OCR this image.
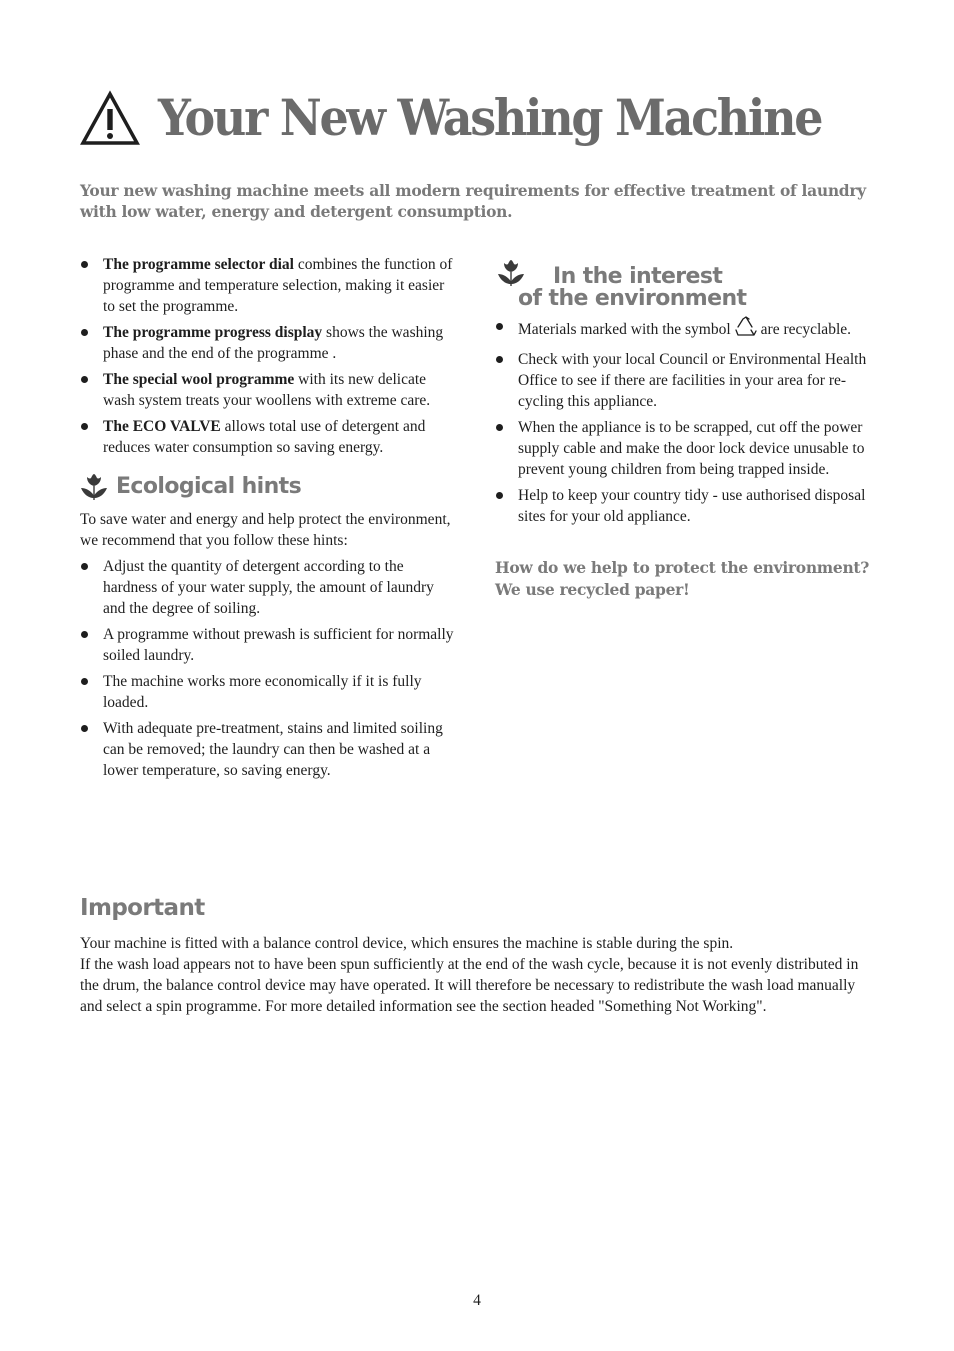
Your New Washing Machine
Your new washing machine meets all modern requirements for effective treatment of laundry with low water, energy and detergent consumption.
The programme selector dial combines the function of programme and temperature selection, making it easier to set the programme.
The programme progress display shows the washing phase and the end of the programme .
The special wool programme with its new delicate wash system treats your woollens with extreme care.
The ECO VALVE allows total use of detergent and reduces water consumption so saving energy.
Ecological hints
To save water and energy and help protect the environment, we recommend that you follow these hints:
Adjust the quantity of detergent according to the hardness of your water supply, the amount of laundry and the degree of soiling.
A programme without prewash is sufficient for normally soiled laundry.
The machine works more economically if it is fully loaded.
With adequate pre-treatment, stains and limited soiling can be removed; the laundry can then be washed at a lower temperature, so saving energy.
In the interest
of the environment
Materials marked with the symbol are recyclable.
Check with your local Council or Environmental Health Office to see if there are facilities in your area for re-cycling this appliance.
When the appliance is to be scrapped, cut off the power supply cable and make the door lock device unusable to prevent young children from being trapped inside.
Help to keep your country tidy - use authorised disposal sites for your old appliance.
How do we help to protect the environment?
We use recycled paper!
Important

Your machine is fitted with a balance control device, which ensures the machine is stable during the spin.

If the wash load appears not to have been spun sufficiently at the end of the wash cycle, because it is not evenly distributed in the drum, the balance control device may have operated. It will therefore be necessary to redistribute the wash load manually and select a spin programme. For more detailed information see the section headed "Something Not Working".

4
